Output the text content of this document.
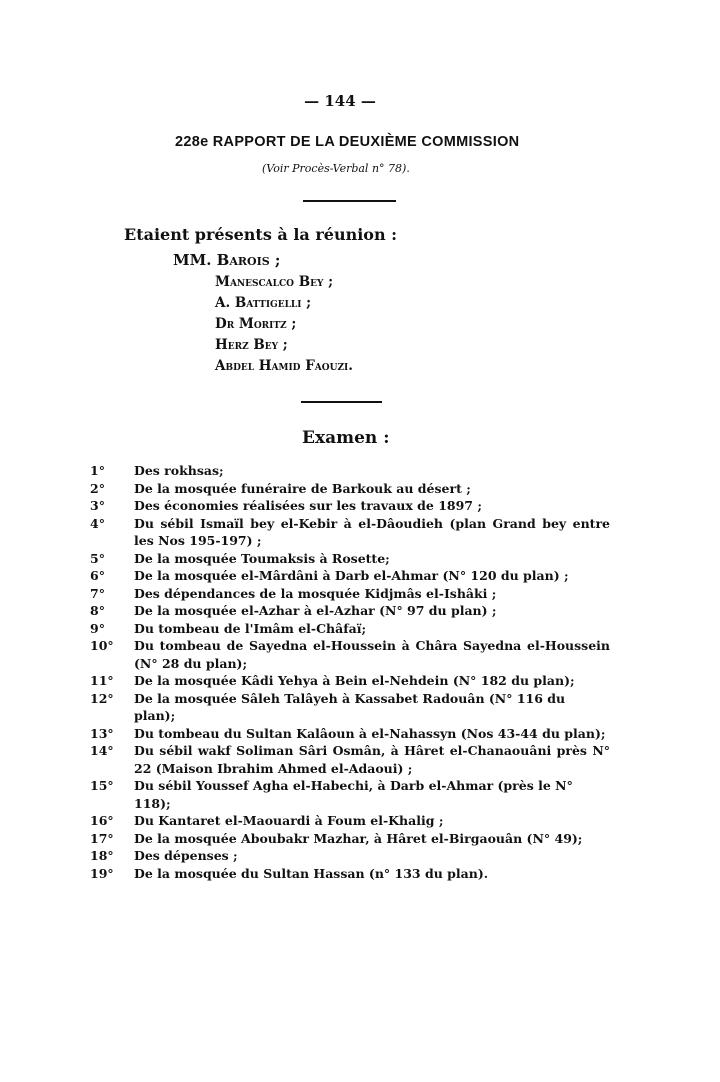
— 144 —
228e RAPPORT DE LA DEUXIÈME COMMISSION
(Voir Procès-Verbal n° 78).
Etaient présents à la réunion :
MM. Barois ;
Manescalco Bey ;
A. Battigelli ;
Dr Moritz ;
Herz Bey ;
Abdel Hamid Faouzi.
Examen :
1°	Des rokhsas;
2°	De la mosquée funéraire de Barkouk au désert ;
3°	Des économies réalisées sur les travaux de 1897 ;
4°	Du sébil Ismaïl bey el-Kebir à el-Dâoudieh (plan Grand bey entre les Nos 195-197) ;
5°	De la mosquée Toumaksis à Rosette;
6°	De la mosquée el-Mârdâni à Darb el-Ahmar (N° 120 du plan) ;
7°	Des dépendances de la mosquée Kidjmâs el-Ishâki ;
8°	De la mosquée el-Azhar à el-Azhar (N° 97 du plan) ;
9°	Du tombeau de l'Imâm el-Châfaï;
10°	Du tombeau de Sayedna el-Houssein à Châra Sayedna el-Houssein (N° 28 du plan);
11°	De la mosquée Kâdi Yehya à Bein el-Nehdein (N° 182 du plan);
12°	De la mosquée Sâleh Talâyeh à Kassabet Radouân (N° 116 du plan);
13°	Du tombeau du Sultan Kalâoun à el-Nahassyn (Nos 43-44 du plan);
14°	Du sébil wakf Soliman Sâri Osmân, à Hâret el-Chanaouâni près N° 22 (Maison Ibrahim Ahmed el-Adaoui) ;
15°	Du sébil Youssef Agha el-Habechi, à Darb el-Ahmar (près le N° 118);
16°	Du Kantaret el-Maouardi à Foum el-Khalig ;
17°	De la mosquée Aboubakr Mazhar, à Hâret el-Birgaouân (N° 49);
18°	Des dépenses ;
19°	De la mosquée du Sultan Hassan (n° 133 du plan).
